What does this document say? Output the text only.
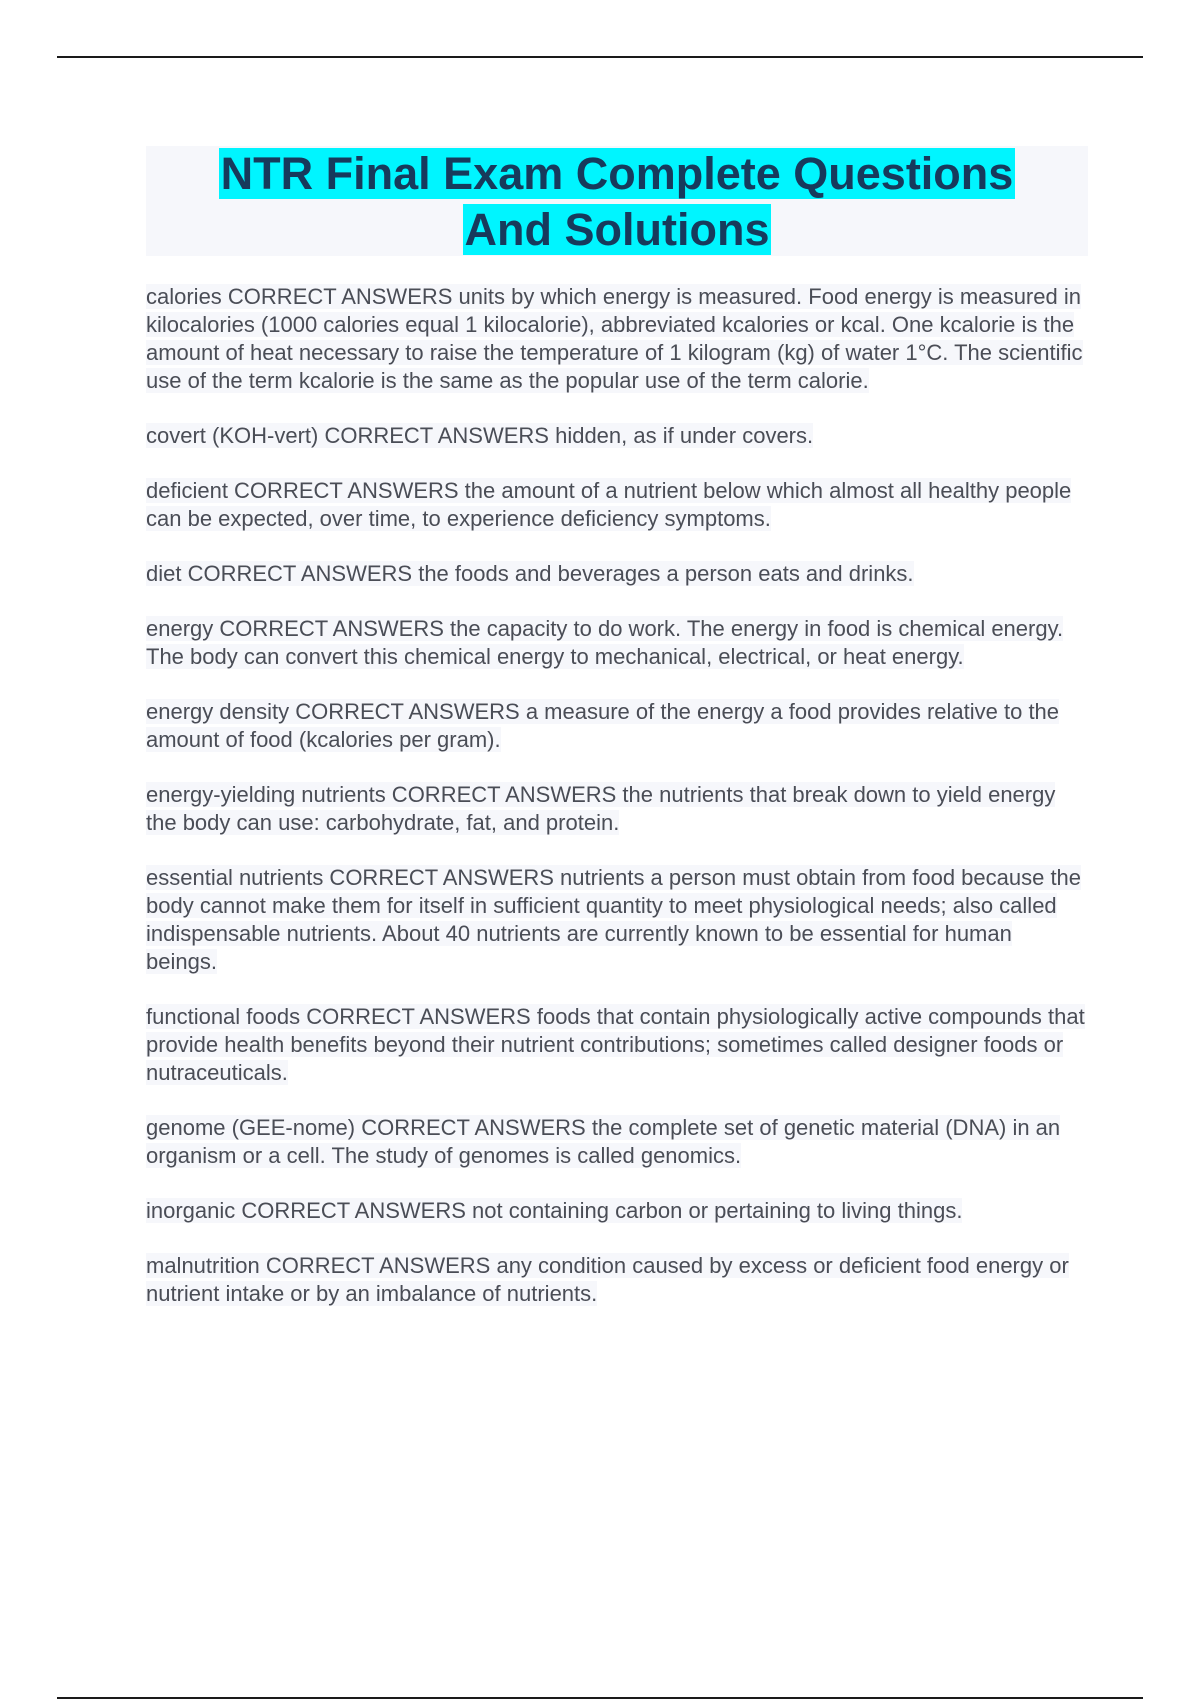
NTR Final Exam Complete Questions
And Solutions

calories CORRECT ANSWERS units by which energy is measured. Food energy is measured in kilocalories (1000 calories equal 1 kilocalorie), abbreviated kcalories or kcal. One kcalorie is the amount of heat necessary to raise the temperature of 1 kilogram (kg) of water 1°C. The scientific use of the term kcalorie is the same as the popular use of the term calorie.

covert (KOH-vert) CORRECT ANSWERS hidden, as if under covers.

deficient CORRECT ANSWERS the amount of a nutrient below which almost all healthy people can be expected, over time, to experience deficiency symptoms.

diet CORRECT ANSWERS the foods and beverages a person eats and drinks.

energy CORRECT ANSWERS the capacity to do work. The energy in food is chemical energy. The body can convert this chemical energy to mechanical, electrical, or heat energy.

energy density CORRECT ANSWERS a measure of the energy a food provides relative to the amount of food (kcalories per gram).

energy-yielding nutrients CORRECT ANSWERS the nutrients that break down to yield energy the body can use: carbohydrate, fat, and protein.

essential nutrients CORRECT ANSWERS nutrients a person must obtain from food because the body cannot make them for itself in sufficient quantity to meet physiological needs; also called indispensable nutrients. About 40 nutrients are currently known to be essential for human beings.

functional foods CORRECT ANSWERS foods that contain physiologically active compounds that provide health benefits beyond their nutrient contributions; sometimes called designer foods or nutraceuticals.

genome (GEE-nome) CORRECT ANSWERS the complete set of genetic material (DNA) in an organism or a cell. The study of genomes is called genomics.

inorganic CORRECT ANSWERS not containing carbon or pertaining to living things.

malnutrition CORRECT ANSWERS any condition caused by excess or deficient food energy or nutrient intake or by an imbalance of nutrients.
